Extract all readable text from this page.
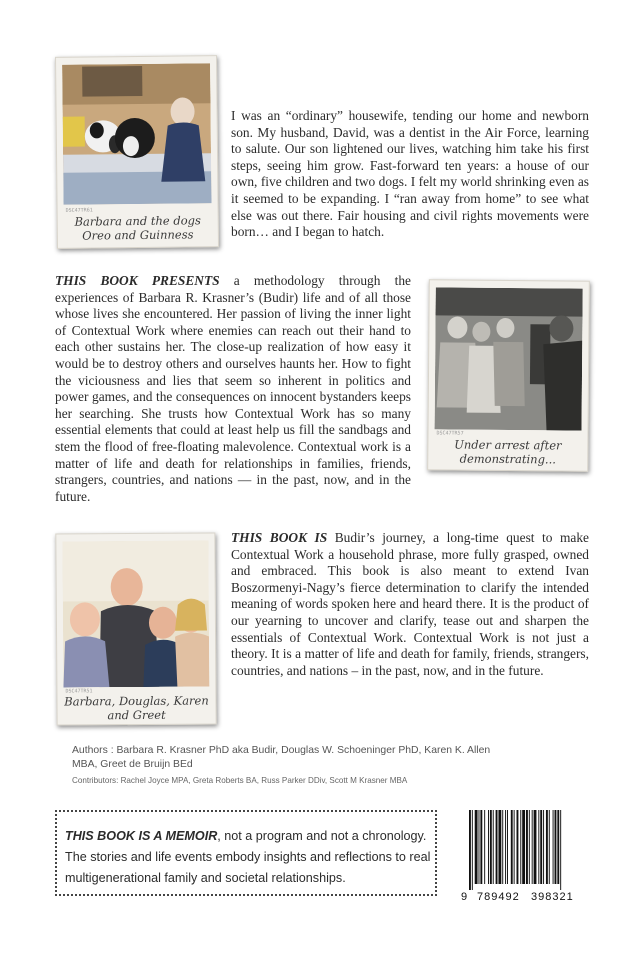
DSC47TR61
Barbara and the dogs
Oreo and Guinness

I was an “ordinary” housewife, tending our home and newborn son. My husband, David, was a dentist in the Air Force, learning to salute. Our son lightened our lives, watching him take his first steps, seeing him grow. Fast-forward ten years: a house of our own, five children and two dogs. I felt my world shrinking even as it seemed to be expanding. I “ran away from home” to see what else was out there. Fair housing and civil rights movements were born… and I began to hatch.

THIS BOOK PRESENTS a methodology through the experiences of Barbara R. Krasner’s (Budir) life and of all those whose lives she encountered. Her passion of living the inner light of Contextual Work where enemies can reach out their hand to each other sustains her. The close-up realization of how easy it would be to destroy others and ourselves haunts her. How to fight the viciousness and lies that seem so inherent in politics and power games, and the consequences on innocent bystanders keeps her searching. She trusts how Contextual Work has so many essential elements that could at least help us fill the sandbags and stem the flood of free-floating malevolence. Contextual work is a matter of life and death for relationships in families, friends, strangers, countries, and nations — in the past, now, and in the future.

DSC47TR57
Under arrest after
demonstrating...
DSC47TR51
Barbara, Douglas, Karen
and Greet

THIS BOOK IS Budir’s journey, a long-time quest to make Contextual Work a household phrase, more fully grasped, owned and embraced. This book is also meant to extend Ivan Boszormenyi-Nagy’s fierce determination to clarify the intended meaning of words spoken here and heard there. It is the product of our yearning to uncover and clarify, tease out and sharpen the essentials of Contextual Work. Contextual Work is not just a theory. It is a matter of life and death for family, friends, strangers, countries, and nations – in the past, now, and in the future.

Authors : Barbara R. Krasner PhD aka Budir, Douglas W. Schoeninger PhD, Karen K. Allen MBA, Greet de Bruijn BEd

Contributors: Rachel Joyce MPA, Greta Roberts BA, Russ Parker DDiv, Scott M Krasner MBA

THIS BOOK IS A MEMOIR, not a program and not a chronology. The stories and life events embody insights and reflections to real multigenerational family and societal relationships.
9 789492 398321
